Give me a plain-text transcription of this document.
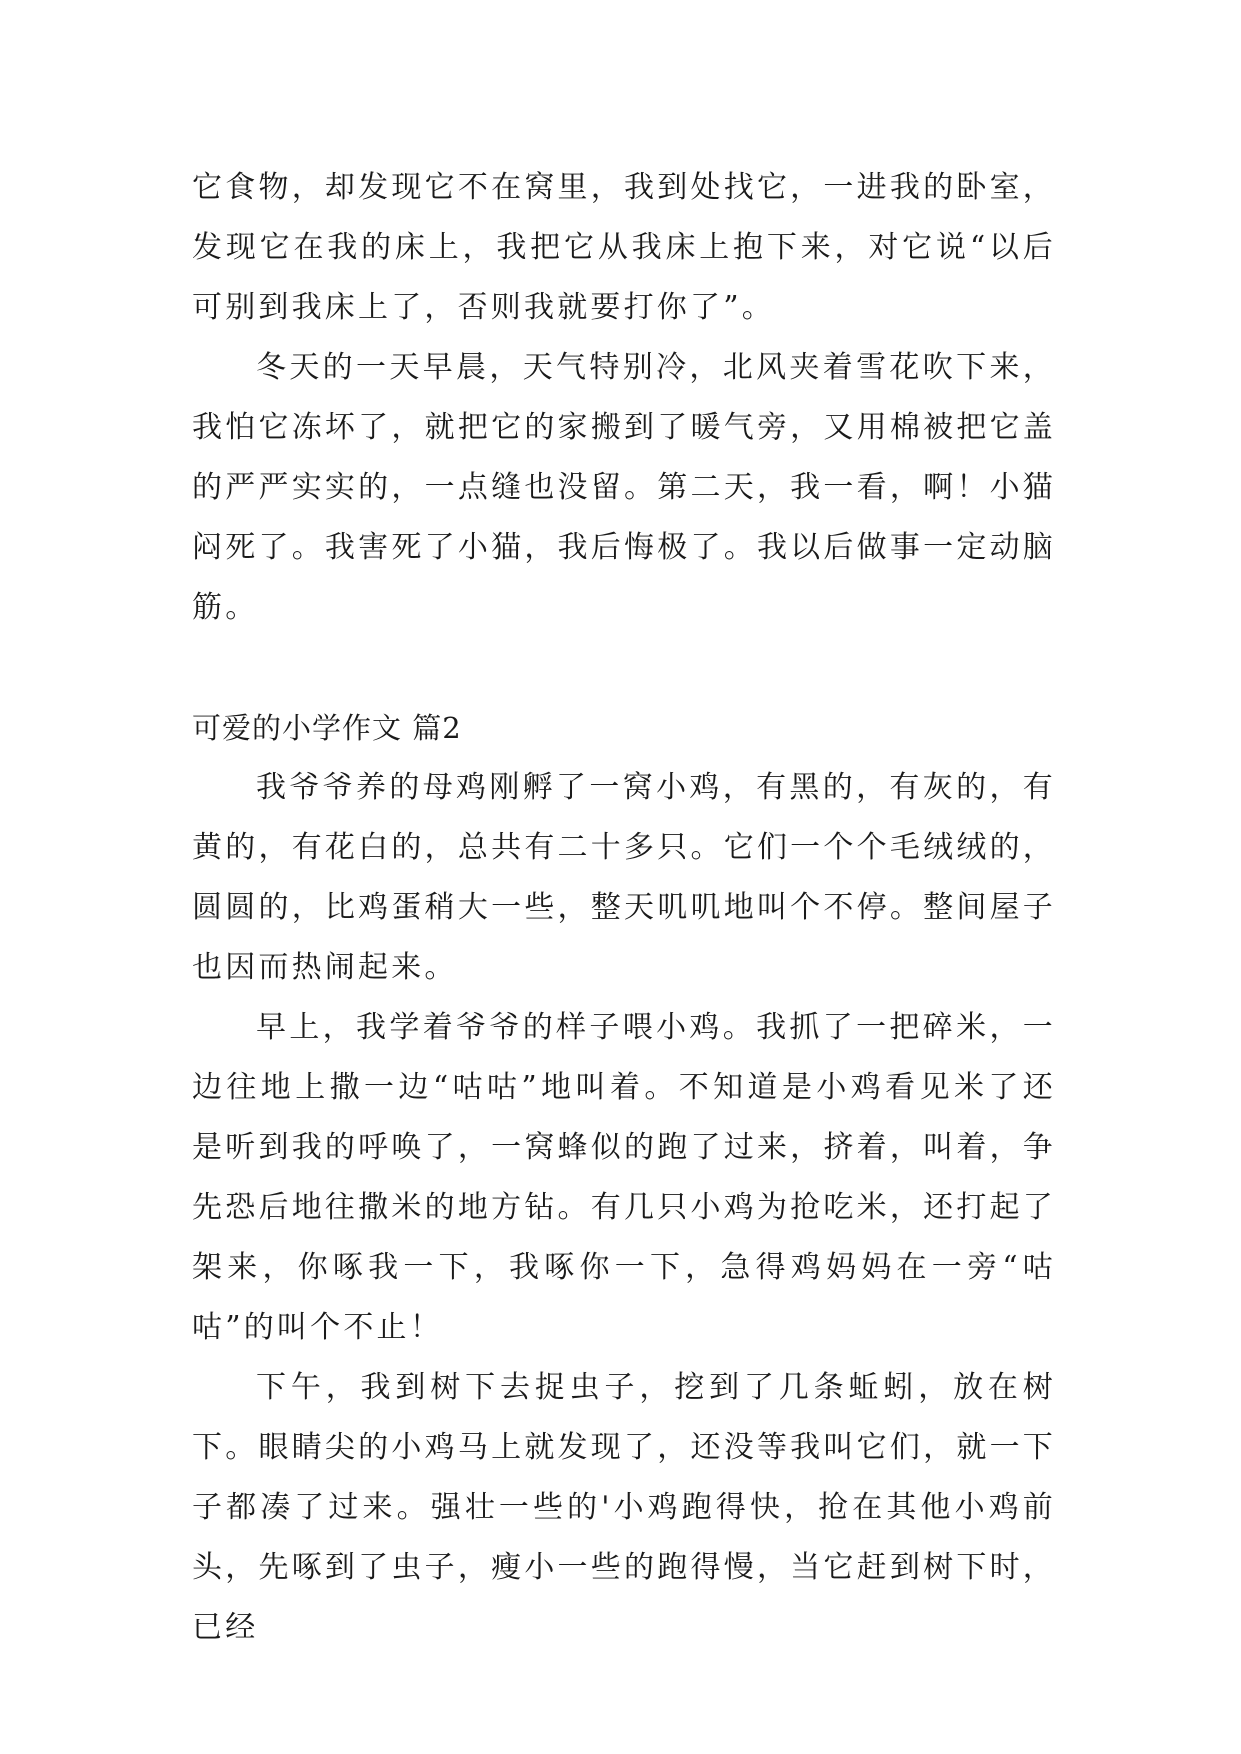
它食物，却发现它不在窝里，我到处找它，一进我的卧室，发现它在我的床上，我把它从我床上抱下来，对它说“以后可别到我床上了，否则我就要打你了”。

冬天的一天早晨，天气特别冷，北风夹着雪花吹下来，我怕它冻坏了，就把它的家搬到了暖气旁，又用棉被把它盖的严严实实的，一点缝也没留。第二天，我一看，啊！小猫闷死了。我害死了小猫，我后悔极了。我以后做事一定动脑筋。

可爱的小学作文 篇2

我爷爷养的母鸡刚孵了一窝小鸡，有黑的，有灰的，有黄的，有花白的，总共有二十多只。它们一个个毛绒绒的，圆圆的，比鸡蛋稍大一些，整天叽叽地叫个不停。整间屋子也因而热闹起来。

早上，我学着爷爷的样子喂小鸡。我抓了一把碎米，一边往地上撒一边“咕咕”地叫着。不知道是小鸡看见米了还是听到我的呼唤了，一窝蜂似的跑了过来，挤着，叫着，争先恐后地往撒米的地方钻。有几只小鸡为抢吃米，还打起了架来，你啄我一下，我啄你一下，急得鸡妈妈在一旁“咕咕”的叫个不止！

下午，我到树下去捉虫子，挖到了几条蚯蚓，放在树下。眼睛尖的小鸡马上就发现了，还没等我叫它们，就一下子都凑了过来。强壮一些的'小鸡跑得快，抢在其他小鸡前头，先啄到了虫子，瘦小一些的跑得慢，当它赶到树下时，已经
